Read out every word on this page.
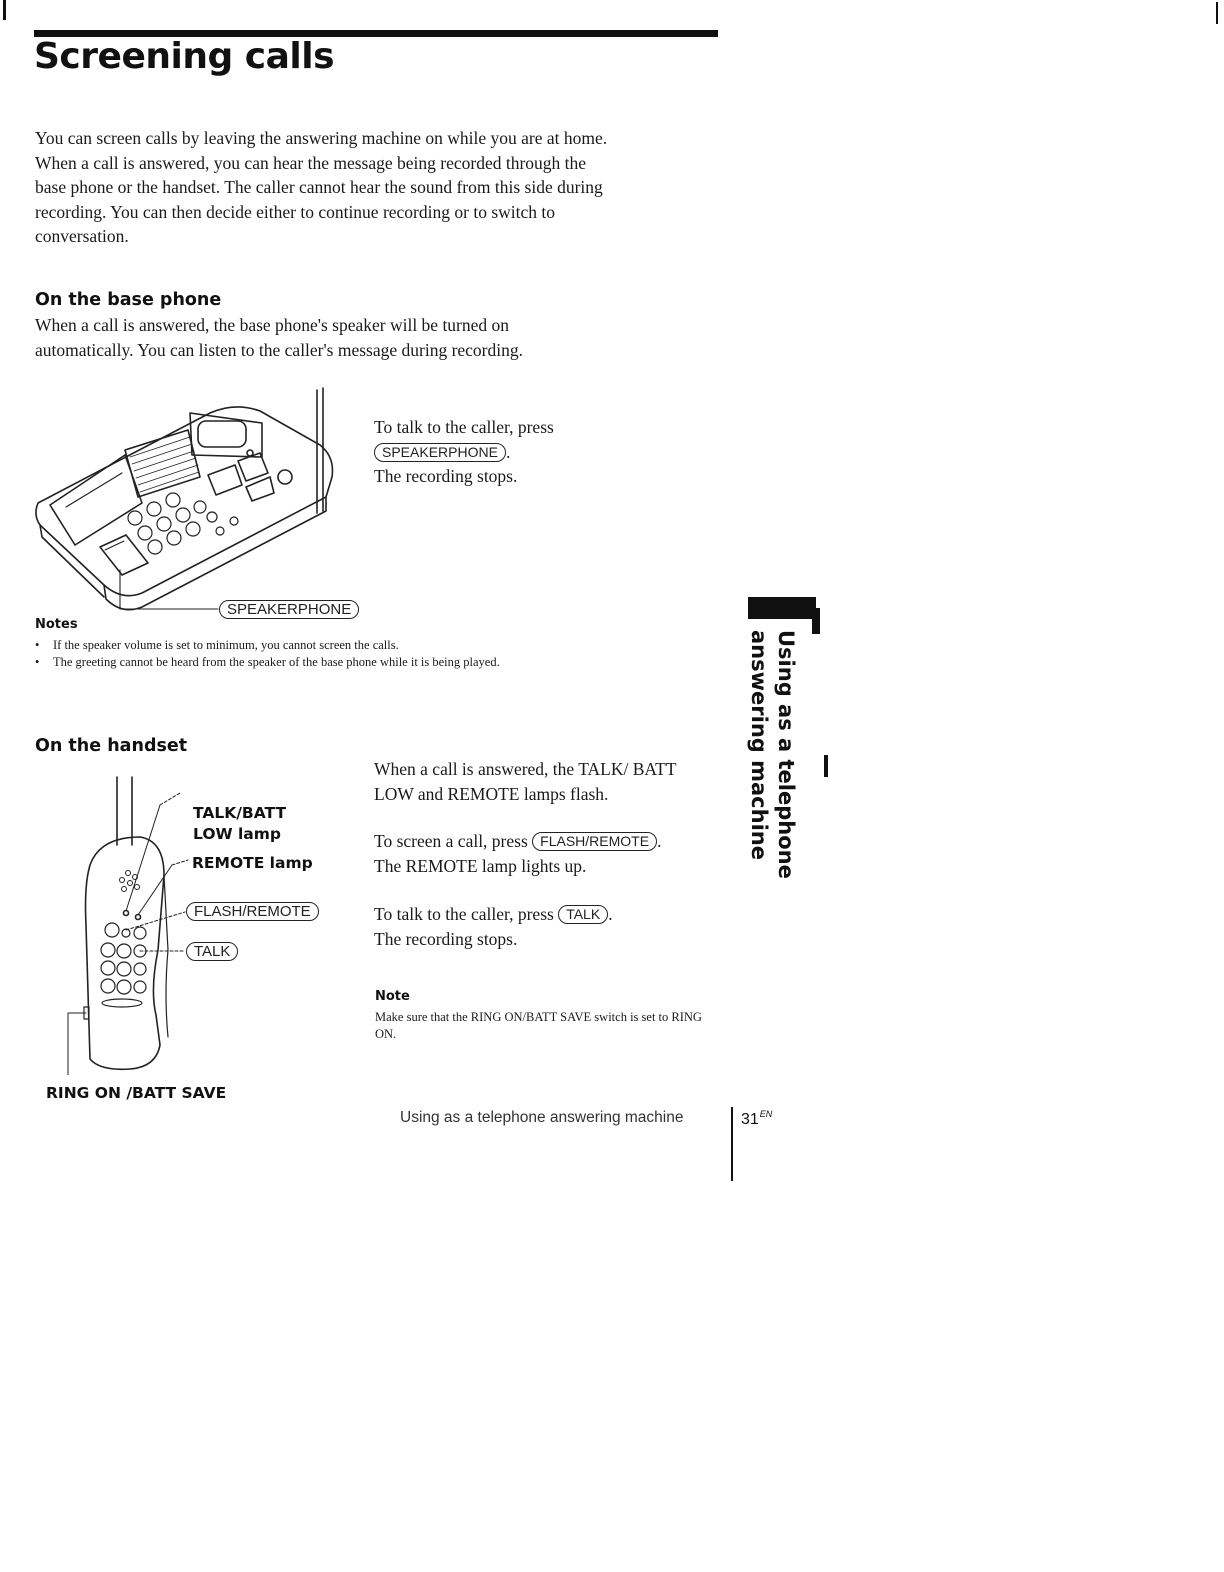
Screening calls
You can screen calls by leaving the answering machine on while you are at home. When a call is answered, you can hear the message being recorded through the base phone or the handset. The caller cannot hear the sound from this side during recording. You can then decide either to continue recording or to switch to conversation.
On the base phone
When a call is answered, the base phone's speaker will be turned on automatically. You can listen to the caller's message during recording.
SPEAKERPHONE
To talk to the caller, press
SPEAKERPHONE .
The recording stops.
Notes
• If the speaker volume is set to minimum, you cannot screen the calls.
• The greeting cannot be heard from the speaker of the base phone while it is being played.
On the handset
TALK/BATT
LOW lamp
REMOTE lamp
FLASH/REMOTE
TALK
RING ON /BATT SAVE
When a call is answered, the TALK/ BATT LOW and REMOTE lamps flash.
To screen a call, press FLASH/REMOTE .
The REMOTE lamp lights up.
To talk to the caller, press TALK .
The recording stops.
Note
Make sure that the RING ON/BATT SAVE switch is set to RING ON.
Using as a telephone answering machine
Using as a telephone answering machine	$31^{EN}$
